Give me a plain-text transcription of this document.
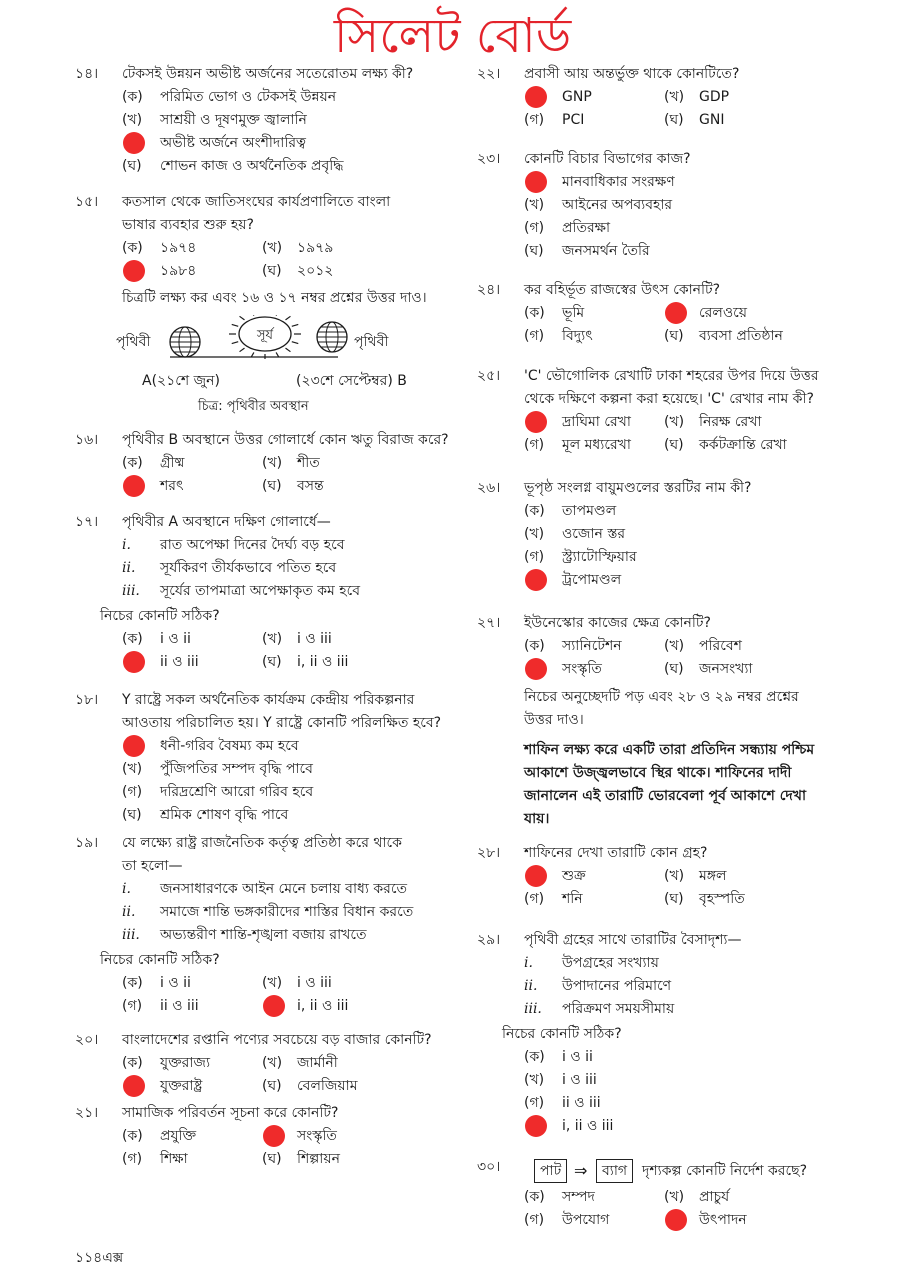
সিলেট বোর্ড
১৪। টেকসই উন্নয়ন অভীষ্ট অর্জনের সতেরোতম লক্ষ্য কী?
(ক) পরিমিত ভোগ ও টেকসই উন্নয়ন
(খ) সাশ্রয়ী ও দূষণমুক্ত জ্বালানি
অভীষ্ট অর্জনে অংশীদারিত্ব
(ঘ) শোভন কাজ ও অর্থনৈতিক প্রবৃদ্ধি
১৫। কতসাল থেকে জাতিসংঘের কার্যপ্রণালিতে বাংলা
ভাষার ব্যবহার শুরু হয়?
(ক) ১৯৭৪	(খ) ১৯৭৯
১৯৮৪	(ঘ) ২০১২
চিত্রটি লক্ষ্য কর এবং ১৬ ও ১৭ নম্বর প্রশ্নের উত্তর দাও।
সূর্য
পৃথিবী	পৃথিবী
A(২১শে জুন)	(২৩শে সেপ্টেম্বর) B
চিত্র: পৃথিবীর অবস্থান
১৬। পৃথিবীর B অবস্থানে উত্তর গোলার্ধে কোন ঋতু বিরাজ করে?
(ক) গ্রীষ্ম	(খ) শীত
শরৎ	(ঘ) বসন্ত
১৭। পৃথিবীর A অবস্থানে দক্ষিণ গোলার্ধে—
i. রাত অপেক্ষা দিনের দৈর্ঘ্য বড় হবে
ii. সূর্যকিরণ তীর্যকভাবে পতিত হবে
iii. সূর্যের তাপমাত্রা অপেক্ষাকৃত কম হবে
নিচের কোনটি সঠিক?
(ক) i ও ii	(খ) i ও iii
ii ও iii	(ঘ) i, ii ও iii
১৮। Y রাষ্ট্রে সকল অর্থনৈতিক কার্যক্রম কেন্দ্রীয় পরিকল্পনার
আওতায় পরিচালিত হয়। Y রাষ্ট্রে কোনটি পরিলক্ষিত হবে?
ধনী-গরিব বৈষম্য কম হবে
(খ) পুঁজিপতির সম্পদ বৃদ্ধি পাবে
(গ) দরিদ্রশ্রেণি আরো গরিব হবে
(ঘ) শ্রমিক শোষণ বৃদ্ধি পাবে
১৯। যে লক্ষ্যে রাষ্ট্র রাজনৈতিক কর্তৃত্ব প্রতিষ্ঠা করে থাকে
তা হলো—
i. জনসাধারণকে আইন মেনে চলায় বাধ্য করতে
ii. সমাজে শান্তি ভঙ্গকারীদের শাস্তির বিধান করতে
iii. অভ্যন্তরীণ শান্তি-শৃঙ্খলা বজায় রাখতে
নিচের কোনটি সঠিক?
(ক) i ও ii	(খ) i ও iii
(গ) ii ও iii	i, ii ও iii
২০। বাংলাদেশের রপ্তানি পণ্যের সবচেয়ে বড় বাজার কোনটি?
(ক) যুক্তরাজ্য	(খ) জার্মানী
যুক্তরাষ্ট্র	(ঘ) বেলজিয়াম
২১। সামাজিক পরিবর্তন সূচনা করে কোনটি?
(ক) প্রযুক্তি	সংস্কৃতি
(গ) শিক্ষা	(ঘ) শিল্পায়ন
২২। প্রবাসী আয় অন্তর্ভুক্ত থাকে কোনটিতে?
GNP	(খ) GDP
(গ) PCI	(ঘ) GNI
২৩। কোনটি বিচার বিভাগের কাজ?
মানবাধিকার সংরক্ষণ
(খ) আইনের অপব্যবহার
(গ) প্রতিরক্ষা
(ঘ) জনসমর্থন তৈরি
২৪। কর বহির্ভূত রাজস্বের উৎস কোনটি?
(ক) ভূমি	রেলওয়ে
(গ) বিদ্যুৎ	(ঘ) ব্যবসা প্রতিষ্ঠান
২৫। 'C' ভৌগোলিক রেখাটি ঢাকা শহরের উপর দিয়ে উত্তর
থেকে দক্ষিণে কল্পনা করা হয়েছে। 'C' রেখার নাম কী?
দ্রাঘিমা রেখা (খ) নিরক্ষ রেখা
(গ) মূল মধ্যরেখা (ঘ) কর্কটক্রান্তি রেখা
২৬। ভূপৃষ্ঠ সংলগ্ন বায়ুমণ্ডলের স্তরটির নাম কী?
(ক) তাপমণ্ডল
(খ) ওজোন স্তর
(গ) স্ট্র্যাটোস্ফিয়ার
ট্রপোমণ্ডল
২৭। ইউনেস্কোর কাজের ক্ষেত্র কোনটি?
(ক) স্যানিটেশন	(খ) পরিবেশ
সংস্কৃতি	(ঘ) জনসংখ্যা
নিচের অনুচ্ছেদটি পড় এবং ২৮ ও ২৯ নম্বর প্রশ্নের
উত্তর দাও।
শাফিন লক্ষ্য করে একটি তারা প্রতিদিন সন্ধ্যায় পশ্চিম
আকাশে উজ্জ্বলভাবে স্থির থাকে। শাফিনের দাদী
জানালেন এই তারাটি ভোরবেলা পূর্ব আকাশে দেখা
যায়।
২৮। শাফিনের দেখা তারাটি কোন গ্রহ?
শুক্র	(খ) মঙ্গল
(গ) শনি	(ঘ) বৃহস্পতি
২৯। পৃথিবী গ্রহের সাথে তারাটির বৈসাদৃশ্য—
i. উপগ্রহের সংখ্যায়
ii. উপাদানের পরিমাণে
iii. পরিক্রমণ সময়সীমায়
নিচের কোনটি সঠিক?
(ক) i ও ii
(খ) i ও iii
(গ) ii ও iii
i, ii ও iii
৩০।	পাট ⇒	ব্যাগ	দৃশ্যকল্প কোনটি নির্দেশ করছে?
(ক) সম্পদ	(খ) প্রাচুর্য
(গ) উপযোগ	উৎপাদন
১১৪এক্স
